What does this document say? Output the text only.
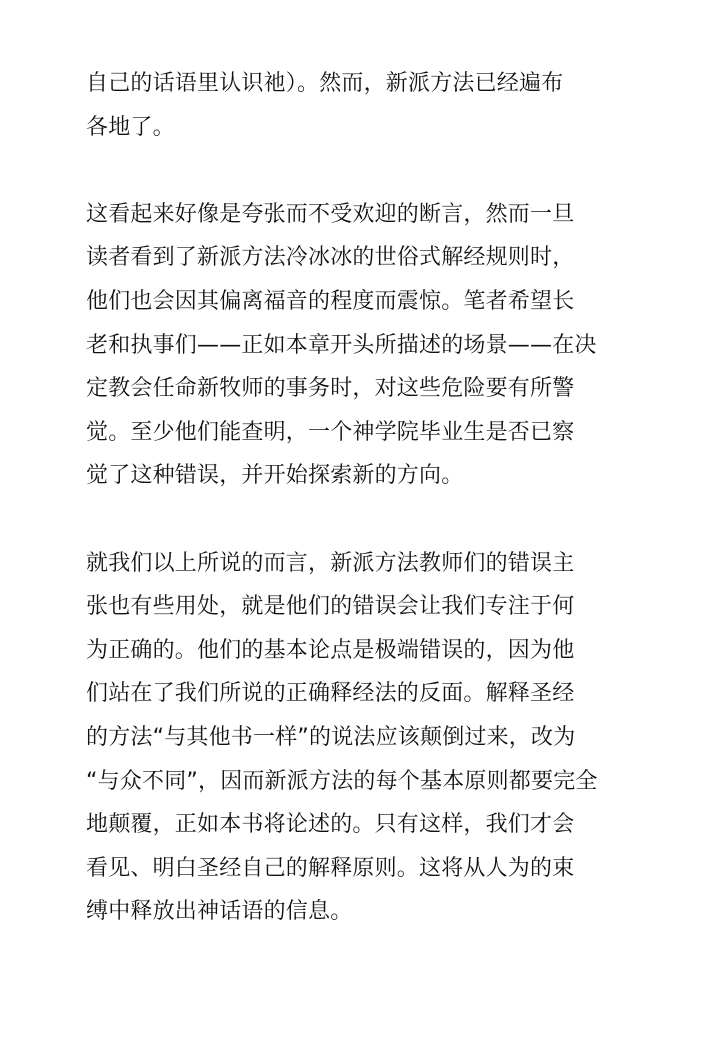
自己的话语里认识祂）。然而，新派方法已经遍布
各地了。
这看起来好像是夸张而不受欢迎的断言，然而一旦
读者看到了新派方法冷冰冰的世俗式解经规则时，
他们也会因其偏离福音的程度而震惊。笔者希望长
老和执事们——正如本章开头所描述的场景——在决
定教会任命新牧师的事务时，对这些危险要有所警
觉。至少他们能查明，一个神学院毕业生是否已察
觉了这种错误，并开始探索新的方向。
就我们以上所说的而言，新派方法教师们的错误主
张也有些用处，就是他们的错误会让我们专注于何
为正确的。他们的基本论点是极端错误的，因为他
们站在了我们所说的正确释经法的反面。解释圣经
的方法“与其他书一样”的说法应该颠倒过来，改为
“与众不同”，因而新派方法的每个基本原则都要完全
地颠覆，正如本书将论述的。只有这样，我们才会
看见、明白圣经自己的解释原则。这将从人为的束
缚中释放出神话语的信息。
